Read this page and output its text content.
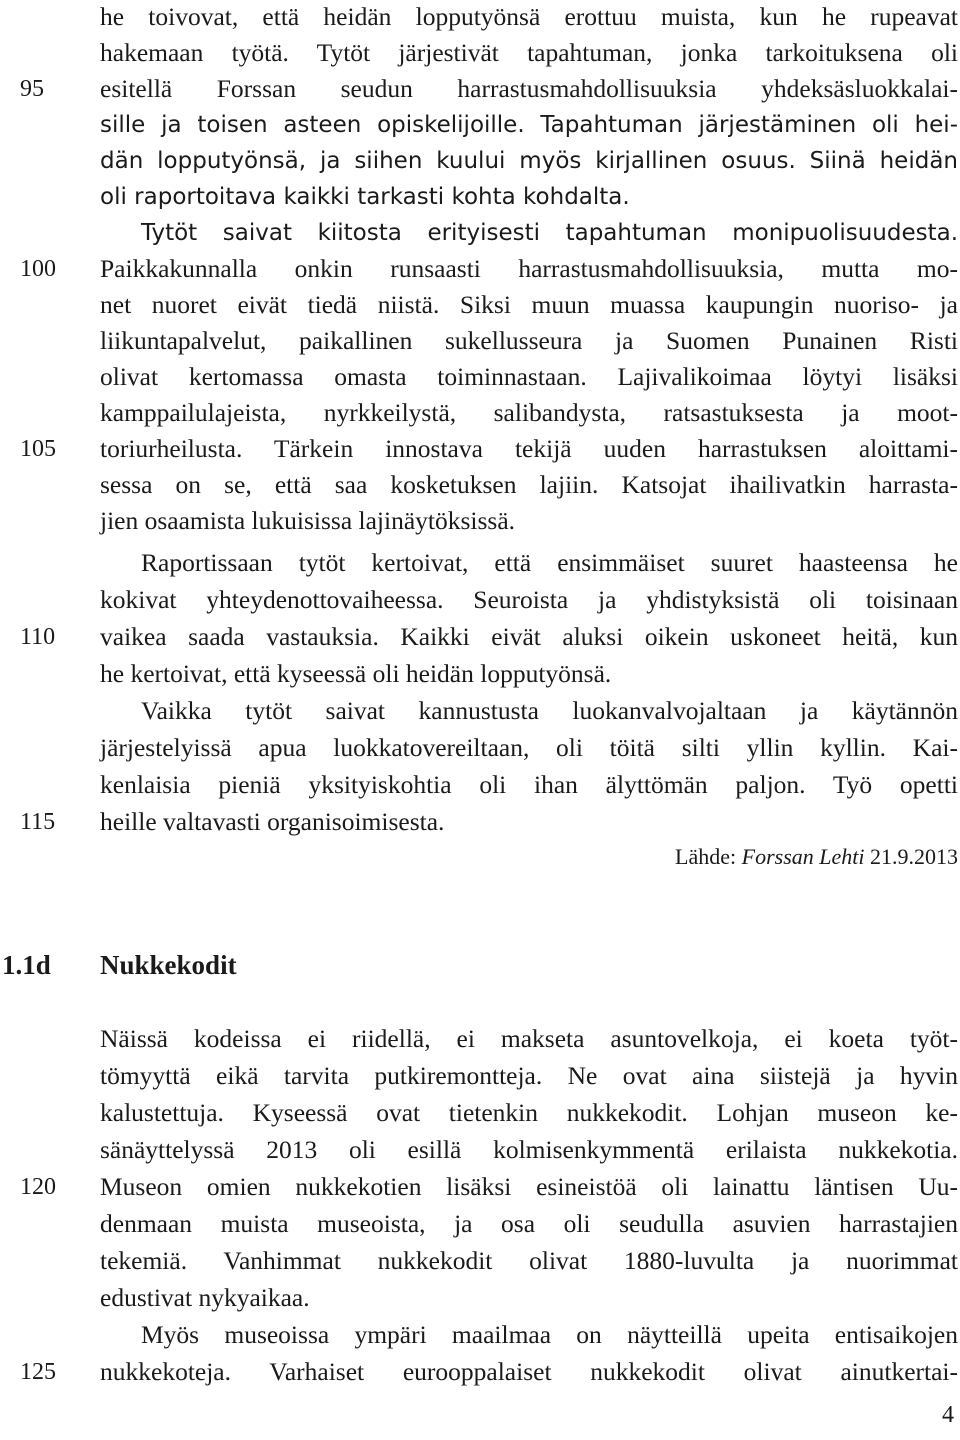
he toivovat, että heidän lopputyönsä erottuu muista, kun he rupeavat
hakemaan työtä. Tytöt järjestivät tapahtuman, jonka tarkoituksena oli
esitellä Forssan seudun harrastusmahdollisuuksia yhdeksäsluokkalai-
sille ja toisen asteen opiskelijoille. Tapahtuman järjestäminen oli hei-
dän lopputyönsä, ja siihen kuului myös kirjallinen osuus. Siinä heidän
oli raportoitava kaikki tarkasti kohta kohdalta.
Tytöt saivat kiitosta erityisesti tapahtuman monipuolisuudesta.
Paikkakunnalla onkin runsaasti harrastusmahdollisuuksia, mutta mo-
net nuoret eivät tiedä niistä. Siksi muun muassa kaupungin nuoriso- ja
liikuntapalvelut, paikallinen sukellusseura ja Suomen Punainen Risti
olivat kertomassa omasta toiminnastaan. Lajivalikoimaa löytyi lisäksi
kamppailulajeista, nyrkkeilystä, salibandysta, ratsastuksesta ja moot-
toriurheilusta. Tärkein innostava tekijä uuden harrastuksen aloittami-
sessa on se, että saa kosketuksen lajiin. Katsojat ihailivatkin harrasta-
jien osaamista lukuisissa lajinäytöksissä.
Raportissaan tytöt kertoivat, että ensimmäiset suuret haasteensa he
kokivat yhteydenottovaiheessa. Seuroista ja yhdistyksistä oli toisinaan
vaikea saada vastauksia. Kaikki eivät aluksi oikein uskoneet heitä, kun
he kertoivat, että kyseessä oli heidän lopputyönsä.
Vaikka tytöt saivat kannustusta luokanvalvojaltaan ja käytännön
järjestelyissä apua luokkatovereiltaan, oli töitä silti yllin kyllin. Kai-
kenlaisia pieniä yksityiskohtia oli ihan älyttömän paljon. Työ opetti
heille valtavasti organisoimisesta.
Lähde: Forssan Lehti 21.9.2013
1.1d Nukkekodit
Näissä kodeissa ei riidellä, ei makseta asuntovelkoja, ei koeta työt-
tömyyttä eikä tarvita putkiremontteja. Ne ovat aina siistejä ja hyvin
kalustettuja. Kyseessä ovat tietenkin nukkekodit. Lohjan museon ke-
sänäyttelyssä 2013 oli esillä kolmisenkymmentä erilaista nukkekotia.
Museon omien nukkekotien lisäksi esineistöä oli lainattu läntisen Uu-
denmaan muista museoista, ja osa oli seudulla asuvien harrastajien
tekemiä. Vanhimmat nukkekodit olivat 1880-luvulta ja nuorimmat
edustivat nykyaikaa.
Myös museoissa ympäri maailmaa on näytteillä upeita entisaikojen
nukkekoteja. Varhaiset eurooppalaiset nukkekodit olivat ainutkertai-
95
100
105
110
115
120
125
4
